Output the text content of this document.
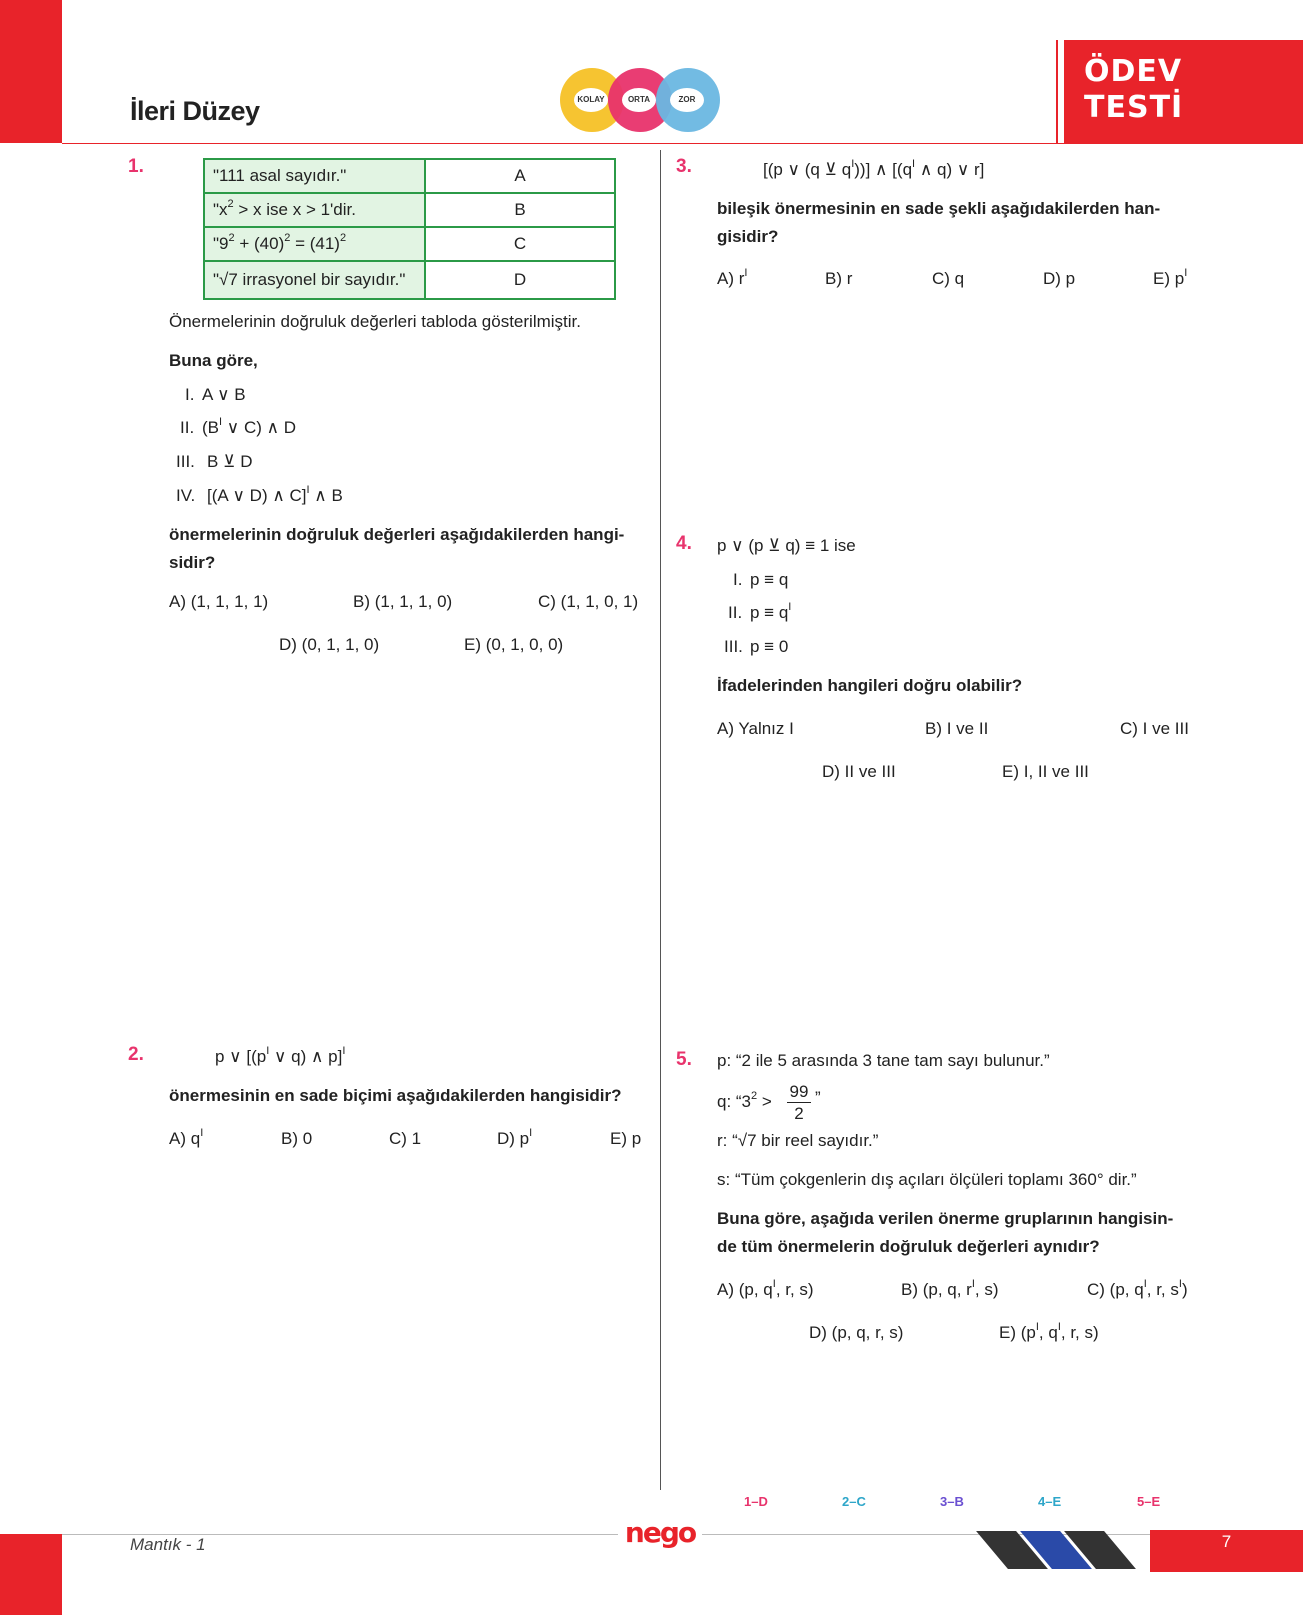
İleri Düzey	KOLAY	ORTA	ZOR
ÖDEV
TESTİ
1.	"111 asal sayıdır."	A
"$x^2 > x$ ise x > 1'dir.	B
"$9^2 + (40)^2 = (41)^2$	C
"√7 irrasyonel bir sayıdır."	D
Önermelerinin doğruluk değerleri tabloda gösterilmiştir.
Buna göre,
I. A ∨ B
II. ($B^I$ ∨ C) ∧ D
III. B ⊻ D
IV. [(A ∨ D) ∧ C]$^I$ ∧ B
önermelerinin doğruluk değerleri aşağıdakilerden hangi-
sidir?
A) (1, 1, 1, 1)	B) (1, 1, 1, 0)	C) (1, 1, 0, 1)
D) (0, 1, 1, 0)	E) (0, 1, 0, 0)
2.	p ∨ [($p^I$ ∨ q) ∧ p]$^I$
önermesinin en sade biçimi aşağıdakilerden hangisidir?
A) $q^I$	B) 0	C) 1	D) $p^I$	E) p
3.	[(p ∨ (q ⊻ $q^I$))] ∧ [($q^I$ ∧ q) ∨ r]
bileşik önermesinin en sade şekli aşağıdakilerden han-
gisidir?
A) $r^I$	B) r	C) q	D) p	E) $p^I$
4. p ∨ (p ⊻ q) ≡ 1 ise
I. p ≡ q
II. $p \equiv q^I$
III. p ≡ 0
İfadelerinden hangileri doğru olabilir?
A) Yalnız I	B) I ve II	C) I ve III
D) II ve III	E) I, II ve III
5. p: “2 ile 5 arasında 3 tane tam sayı bulunur.”
q: “$3^2$ >
99
2
”
r: “√7 bir reel sayıdır.”
s: “Tüm çokgenlerin dış açıları ölçüleri toplamı 360° dir.”
Buna göre, aşağıda verilen önerme gruplarının hangisin-
de tüm önermelerin doğruluk değerleri aynıdır?
A) (p, $q^I$, r, s)	B) (p, q, $r^I$, s)	C) (p, $q^I$, r, $s^I$)
D) (p, q, r, s)	E) ($p^I$, $q^I$, r, s)
1–D	2–C	3–B	4–E	5–E
Mantık - 1	nego	7
